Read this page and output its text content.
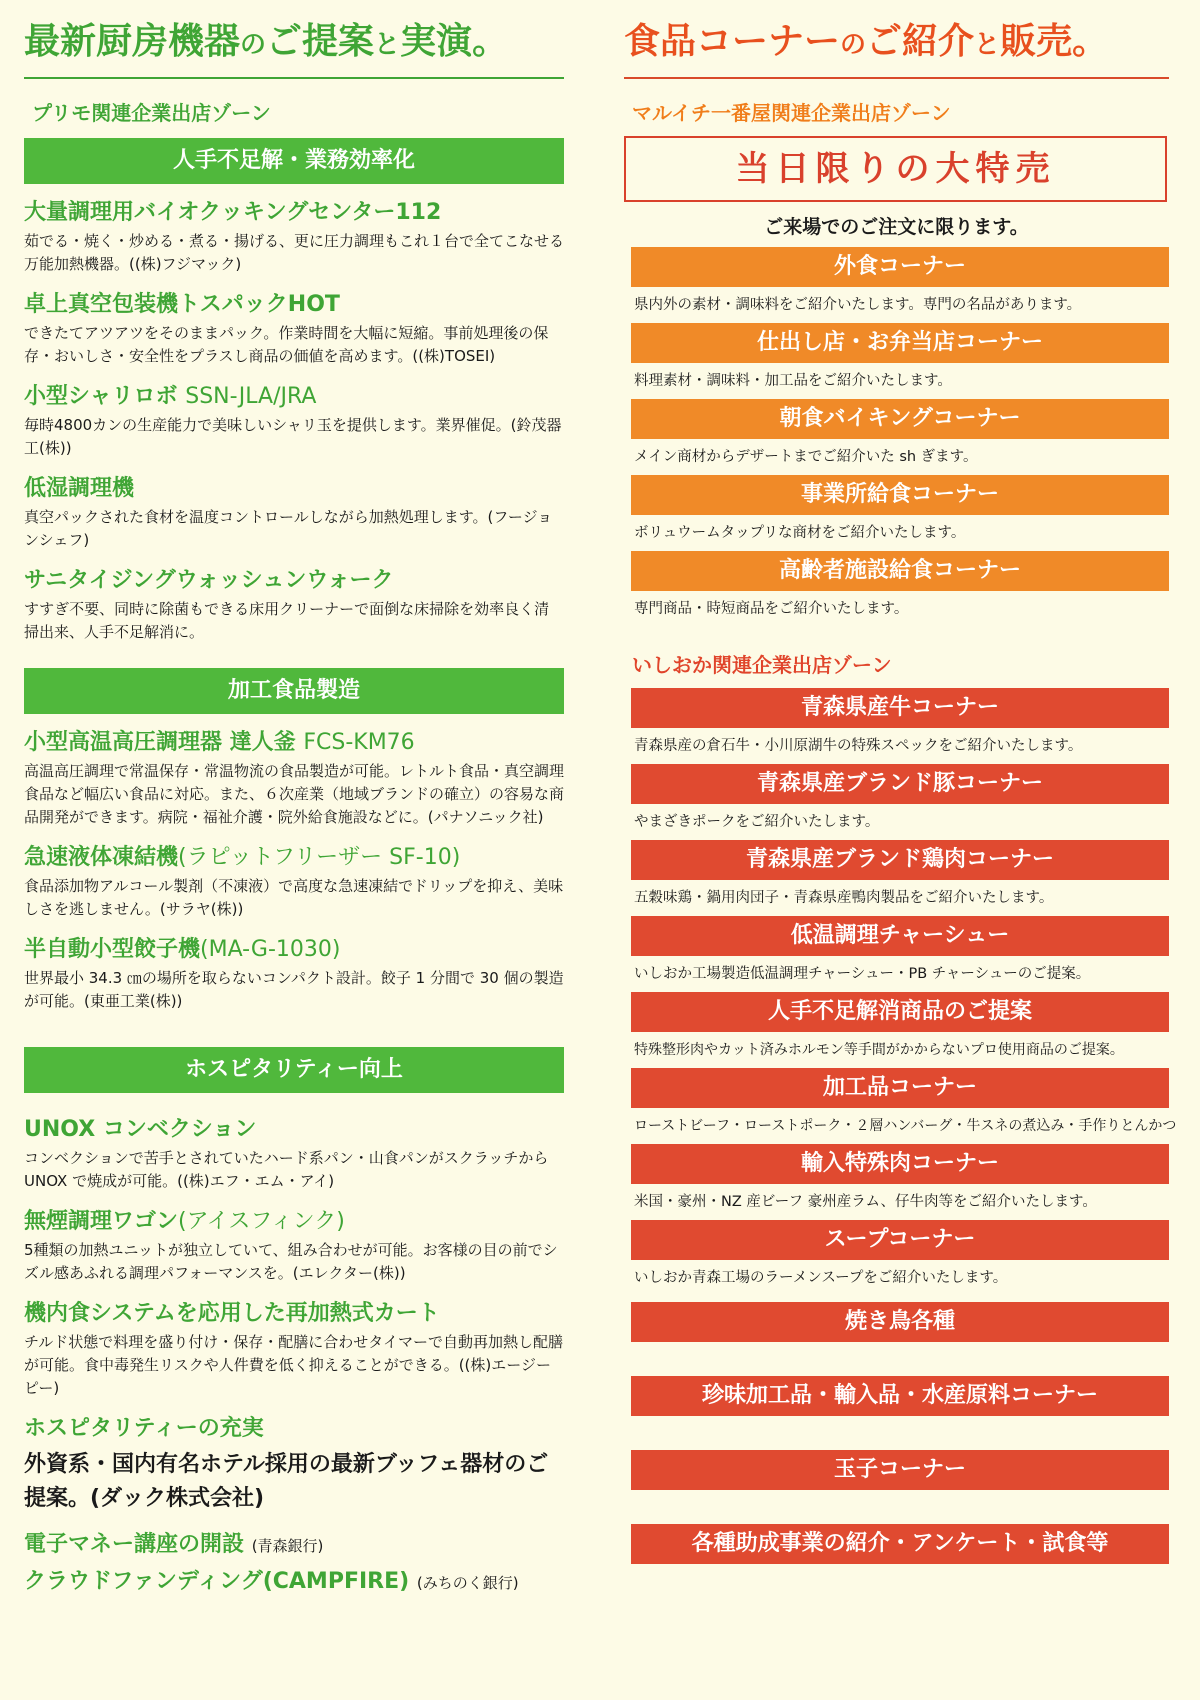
最新厨房機器のご提案と実演。
プリモ関連企業出店ゾーン
人手不足解・業務効率化
大量調理用バイオクッキングセンター112
茹でる・焼く・炒める・煮る・揚げる、更に圧力調理もこれ１台で全てこなせる万能加熱機器。((株)フジマック)
卓上真空包装機トスパックHOT
できたてアツアツをそのままパック。作業時間を大幅に短縮。事前処理後の保存・おいしさ・安全性をプラスし商品の価値を高めます。((株)TOSEI)
小型シャリロボ SSN-JLA/JRA
毎時4800カンの生産能力で美味しいシャリ玉を提供します。業界催促。(鈴茂器工(株))
低湿調理機
真空パックされた食材を温度コントロールしながら加熱処理します。(フージョンシェフ)
サニタイジングウォッシュンウォーク
すすぎ不要、同時に除菌もできる床用クリーナーで面倒な床掃除を効率良く清掃出来、人手不足解消に。
加工食品製造
小型高温高圧調理器 達人釜 FCS-KM76
高温高圧調理で常温保存・常温物流の食品製造が可能。レトルト食品・真空調理食品など幅広い食品に対応。また、６次産業（地域ブランドの確立）の容易な商品開発ができます。病院・福祉介護・院外給食施設などに。(パナソニック社)
急速液体凍結機(ラピットフリーザー SF-10)
食品添加物アルコール製剤（不凍液）で高度な急速凍結でドリップを抑え、美味しさを逃しません。(サラヤ(株))
半自動小型餃子機(MA-G-1030)
世界最小 34.3 ㎝の場所を取らないコンパクト設計。餃子 1 分間で 30 個の製造が可能。(東亜工業(株))
ホスピタリティー向上
UNOX コンベクション
コンベクションで苦手とされていたハード系パン・山食パンがスクラッチからUNOX で焼成が可能。((株)エフ・エム・アイ)
無煙調理ワゴン(アイスフィンク)
5種類の加熱ユニットが独立していて、組み合わせが可能。お客様の目の前でシズル感あふれる調理パフォーマンスを。(エレクター(株))
機内食システムを応用した再加熱式カート
チルド状態で料理を盛り付け・保存・配膳に合わせタイマーで自動再加熱し配膳が可能。食中毒発生リスクや人件費を低く抑えることができる。((株)エージーピー)
ホスピタリティーの充実
外資系・国内有名ホテル採用の最新ブッフェ器材のご提案。(ダック株式会社)
電子マネー講座の開設 (青森銀行)
クラウドファンディング(CAMPFIRE) (みちのく銀行)
食品コーナーのご紹介と販売。
マルイチ一番屋関連企業出店ゾーン
当日限りの大特売
ご来場でのご注文に限ります。
外食コーナー
県内外の素材・調味料をご紹介いたします。専門の名品があります。
仕出し店・お弁当店コーナー
料理素材・調味料・加工品をご紹介いたします。
朝食バイキングコーナー
メイン商材からデザートまでご紹介いた sh ぎます。
事業所給食コーナー
ボリュウームタップリな商材をご紹介いたします。
高齢者施設給食コーナー
専門商品・時短商品をご紹介いたします。
いしおか関連企業出店ゾーン
青森県産牛コーナー
青森県産の倉石牛・小川原湖牛の特殊スペックをご紹介いたします。
青森県産ブランド豚コーナー
やまざきポークをご紹介いたします。
青森県産ブランド鶏肉コーナー
五穀味鶏・鍋用肉団子・青森県産鴨肉製品をご紹介いたします。
低温調理チャーシュー
いしおか工場製造低温調理チャーシュー・PB チャーシューのご提案。
人手不足解消商品のご提案
特殊整形肉やカット済みホルモン等手間がかからないプロ使用商品のご提案。
加工品コーナー
ローストビーフ・ローストポーク・２層ハンバーグ・牛スネの煮込み・手作りとんかつ
輸入特殊肉コーナー
米国・豪州・NZ 産ビーフ 豪州産ラム、仔牛肉等をご紹介いたします。
スープコーナー
いしおか青森工場のラーメンスープをご紹介いたします。
焼き鳥各種
珍味加工品・輸入品・水産原料コーナー
玉子コーナー
各種助成事業の紹介・アンケート・試食等
